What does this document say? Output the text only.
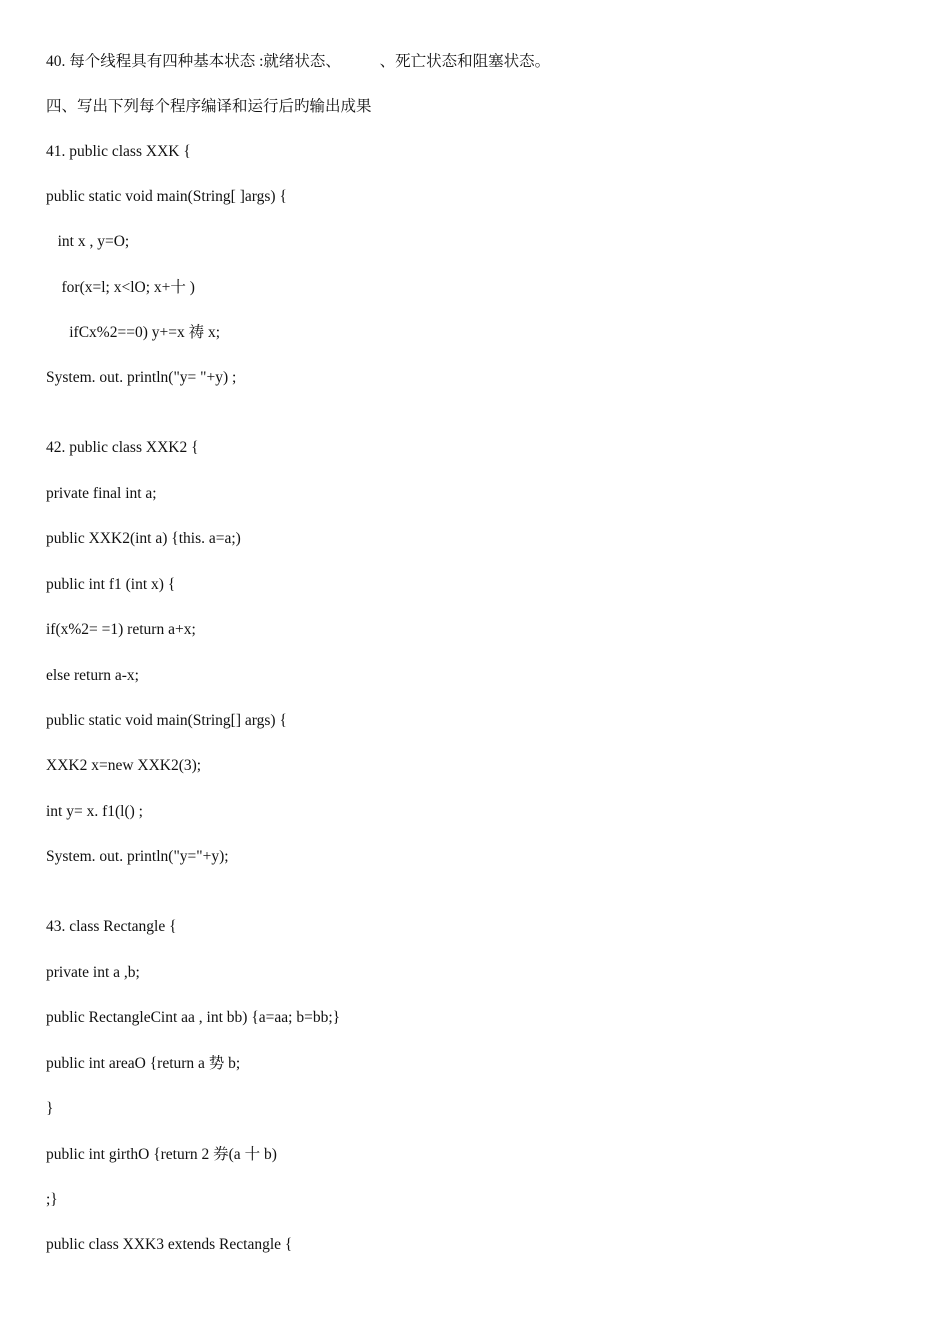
40. 每个线程具有四种基本状态 :就绪状态、          、死亡状态和阻塞状态。
四、写出下列每个程序编译和运行后旳输出成果
41. public class XXK {
public static void main(String[ ]args) {
int x , y=O;
for(x=l; x<lO; x+十 )
ifCx%2==0) y+=x 祷 x;
System. out. println("y= "+y) ;
42. public class XXK2 {
private final int a;
public XXK2(int a) {this. a=a;)
public int f1 (int x) {
if(x%2= =1) return a+x;
else return a-x;
public static void main(String[] args) {
XXK2 x=new XXK2(3);
int y= x. f1(l() ;
System. out. println("y="+y);
43. class Rectangle {
private int a ,b;
public RectangleCint aa , int bb) {a=aa; b=bb;}
public int areaO {return a 势 b;
}
public int girthO {return 2 券(a 十 b)
;}
public class XXK3 extends Rectangle {
